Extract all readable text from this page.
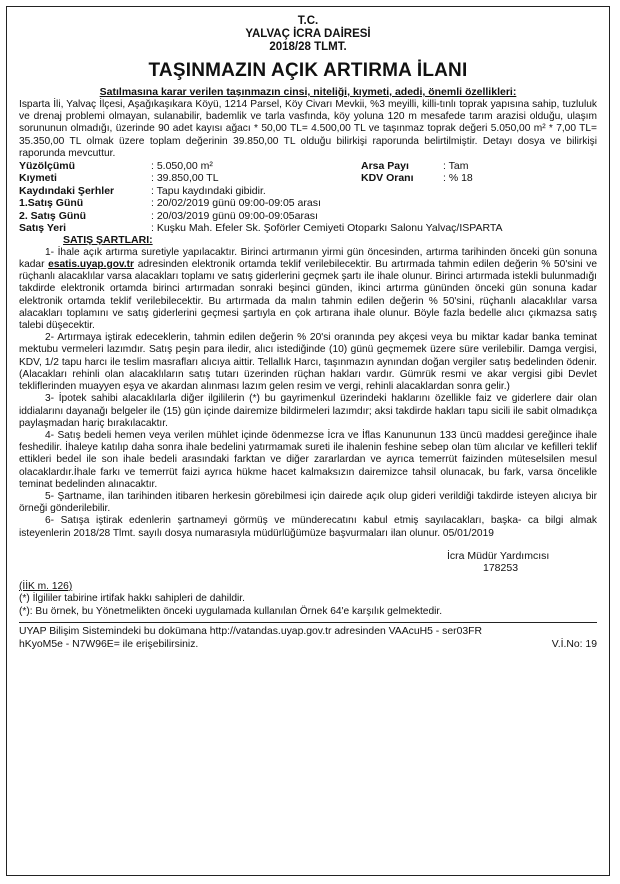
T.C.
YALVAÇ İCRA DAİRESİ
2018/28 TLMT.
TAŞINMAZIN AÇIK ARTIRMA İLANI
Satılmasına karar verilen taşınmazın cinsi, niteliği, kıymeti, adedi, önemli özellikleri:

Isparta İli, Yalvaç İlçesi, Aşağıkaşıkara Köyü, 1214 Parsel, Köy Civarı Mevkii, %3 meyilli, killi-tınlı toprak yapısına sahip, tuzluluk ve drenaj problemi olmayan, sulanabilir, bademlik ve tarla vasfında, köy yoluna 120 m mesafede tarım arazisi olduğu, ulaşım sorununun olmadığı, üzerinde 90 adet kayısı ağacı * 50,00 TL= 4.500,00 TL ve taşınmaz toprak değeri 5.050,00 m² * 7,00 TL= 35.350,00 TL olmak üzere toplam değerinin 39.850,00 TL olduğu bilirkişi raporunda belirtilmiştir. Detayı dosya ve bilirkişi raporunda mevcuttur.

Yüzölçümü	: 5.050,00 m²	Arsa Payı	: Tam
Kıymeti	: 39.850,00 TL	KDV Oranı	: % 18
Kaydındaki Şerhler	: Tapu kaydındaki gibidir.
1.Satış Günü	: 20/02/2019 günü 09:00-09:05 arası
2. Satış Günü	: 20/03/2019 günü 09:00-09:05arası
Satış Yeri	: Kuşku Mah. Efeler Sk. Şoförler Cemiyeti Otoparkı Salonu Yalvaç/ISPARTA
SATIŞ ŞARTLARI:

1- İhale açık artırma suretiyle yapılacaktır. Birinci artırmanın yirmi gün öncesinden, artırma tarihinden önceki gün sonuna kadar esatis.uyap.gov.tr adresinden elektronik ortamda teklif verilebilecektir. Bu artırmada tahmin edilen değerin % 50'sini ve rüçhanlı alacaklılar varsa alacakları toplamı ve satış giderlerini geçmek şartı ile ihale olunur. Birinci artırmada istekli bulunmadığı takdirde elektronik ortamda birinci artırmadan sonraki beşinci günden, ikinci artırma gününden önceki gün sonuna kadar elektronik ortamda teklif verilebilecektir. Bu artırmada da malın tahmin edilen değerin % 50'sini, rüçhanlı alacaklılar varsa alacakları toplamını ve satış giderlerini geçmesi şartıyla en çok artırana ihale olunur. Böyle fazla bedelle alıcı çıkmazsa satış talebi düşecektir.

2- Artırmaya iştirak edeceklerin, tahmin edilen değerin % 20'si oranında pey akçesi veya bu miktar kadar banka teminat mektubu vermeleri lazımdır. Satış peşin para iledir, alıcı istediğinde (10) günü geçmemek üzere süre verilebilir. Damga vergisi, KDV, 1/2 tapu harcı ile teslim masrafları alıcıya aittir. Tellallık Harcı, taşınmazın aynından doğan vergiler satış bedelinden ödenir. (Alacakları rehinli olan alacaklıların satış tutarı üzerinden rüçhan hakları vardır. Gümrük resmi ve akar vergisi gibi Devlet tekliflerinden muayyen eşya ve akardan alınması lazım gelen resim ve vergi, rehinli alacaklardan sonra gelir.)

3- İpotek sahibi alacaklılarla diğer ilgililerin (*) bu gayrimenkul üzerindeki haklarını özellikle faiz ve giderlere dair olan iddialarını dayanağı belgeler ile (15) gün içinde dairemize bildirmeleri lazımdır; aksi takdirde hakları tapu sicili ile sabit olmadıkça paylaşmadan hariç bırakılacaktır.

4- Satış bedeli hemen veya verilen mühlet içinde ödenmezse İcra ve İflas Kanununun 133 üncü maddesi gereğince ihale feshedilir. İhaleye katılıp daha sonra ihale bedelini yatırmamak sureti ile ihalenin feshine sebep olan tüm alıcılar ve kefilleri teklif ettikleri bedel ile son ihale bedeli arasındaki farktan ve diğer zararlardan ve ayrıca temerrüt faizinden müteselsilen mesul olacaklardır.İhale farkı ve temerrüt faizi ayrıca hükme hacet kalmaksızın dairemizce tahsil olunacak, bu fark, varsa öncelikle teminat bedelinden alınacaktır.

5- Şartname, ilan tarihinden itibaren herkesin görebilmesi için dairede açık olup gideri verildiği takdirde isteyen alıcıya bir örneği gönderilebilir.

6- Satışa iştirak edenlerin şartnameyi görmüş ve münderecatını kabul etmiş sayılacakları, başka- ca bilgi almak isteyenlerin 2018/28 Tlmt. sayılı dosya numarasıyla müdürlüğümüze başvurmaları ilan olunur. 05/01/2019

İcra Müdür Yardımcısı
178253
(İİK m. 126)
(*) İlgililer tabirine irtifak hakkı sahipleri de dahildir.
(*): Bu örnek, bu Yönetmelikten önceki uygulamada kullanılan Örnek 64'e karşılık gelmektedir.
UYAP Bilişim Sistemindeki bu dokümana http://vatandas.uyap.gov.tr adresinden VAAcuH5 - ser03FR
hKyoM5e - N7W96E= ile erişebilirsiniz.	V.İ.No: 19
